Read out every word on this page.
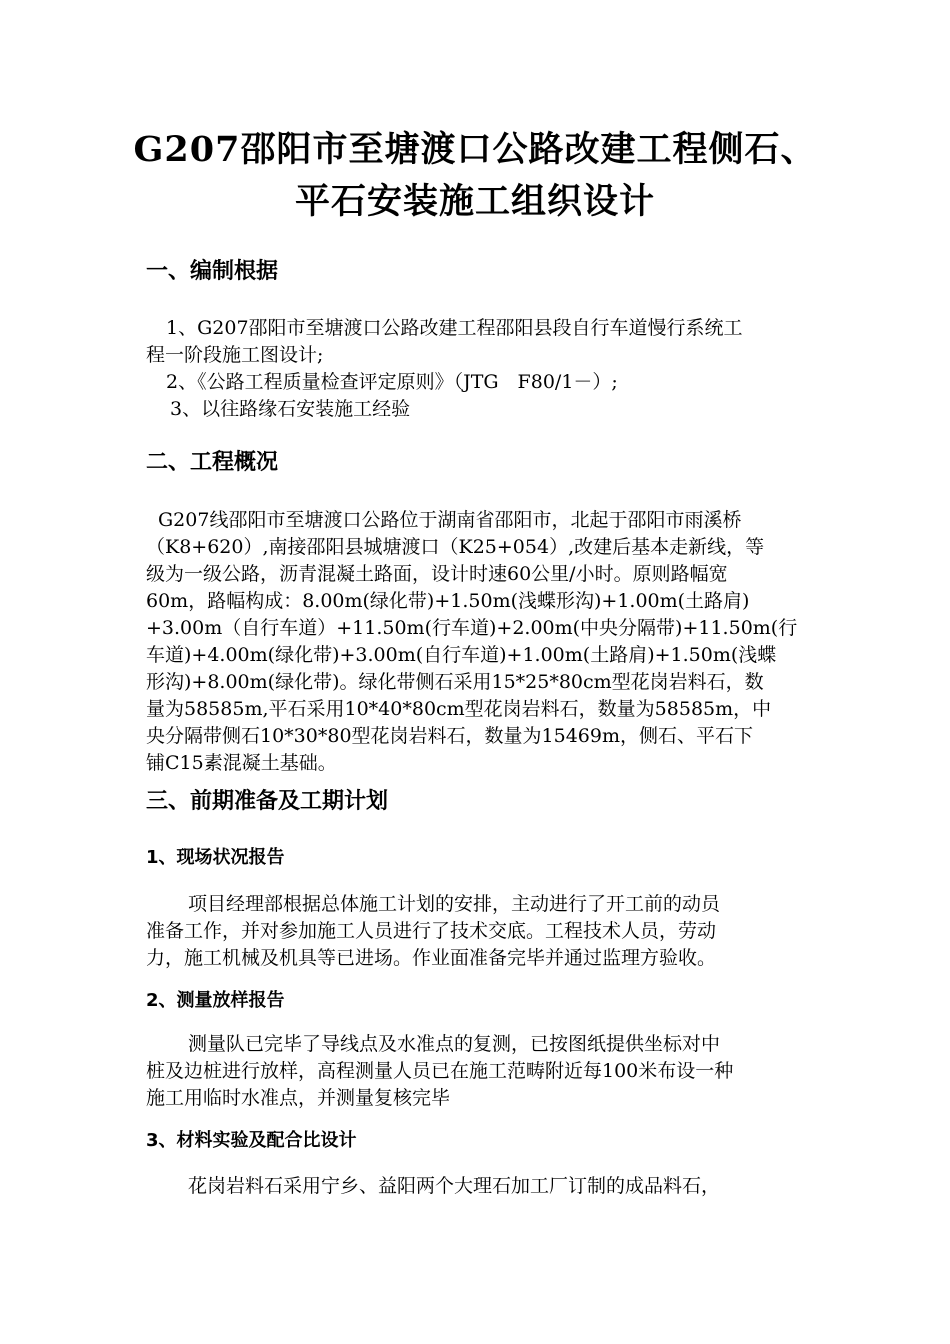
G207邵阳市至塘渡口公路改建工程侧石、
平石安装施工组织设计
一、编制根据
1、G207邵阳市至塘渡口公路改建工程邵阳县段自行车道慢行系统工
程一阶段施工图设计;
2、《公路工程质量检查评定原则》（JTG　F80/1－）;
3、以往路缘石安装施工经验
二、工程概况
G207线邵阳市至塘渡口公路位于湖南省邵阳市，北起于邵阳市雨溪桥
（K8+620）,南接邵阳县城塘渡口（K25+054）,改建后基本走新线，等
级为一级公路，沥青混凝土路面，设计时速60公里/小时。原则路幅宽
60m，路幅构成：8.00m(绿化带)+1.50m(浅蝶形沟)+1.00m(土路肩)
+3.00m（自行车道）+11.50m(行车道)+2.00m(中央分隔带)+11.50m(行
车道)+4.00m(绿化带)+3.00m(自行车道)+1.00m(土路肩)+1.50m(浅蝶
形沟)+8.00m(绿化带)。绿化带侧石采用15*25*80cm型花岗岩料石，数
量为58585m,平石采用10*40*80cm型花岗岩料石，数量为58585m，中
央分隔带侧石10*30*80型花岗岩料石，数量为15469m，侧石、平石下
铺C15素混凝土基础。
三、前期准备及工期计划
1、现场状况报告
项目经理部根据总体施工计划的安排，主动进行了开工前的动员
准备工作，并对参加施工人员进行了技术交底。工程技术人员，劳动
力，施工机械及机具等已进场。作业面准备完毕并通过监理方验收。
2、测量放样报告
测量队已完毕了导线点及水准点的复测，已按图纸提供坐标对中
桩及边桩进行放样，高程测量人员已在施工范畴附近每100米布设一种
施工用临时水准点，并测量复核完毕
3、材料实验及配合比设计
花岗岩料石采用宁乡、益阳两个大理石加工厂订制的成品料石，
